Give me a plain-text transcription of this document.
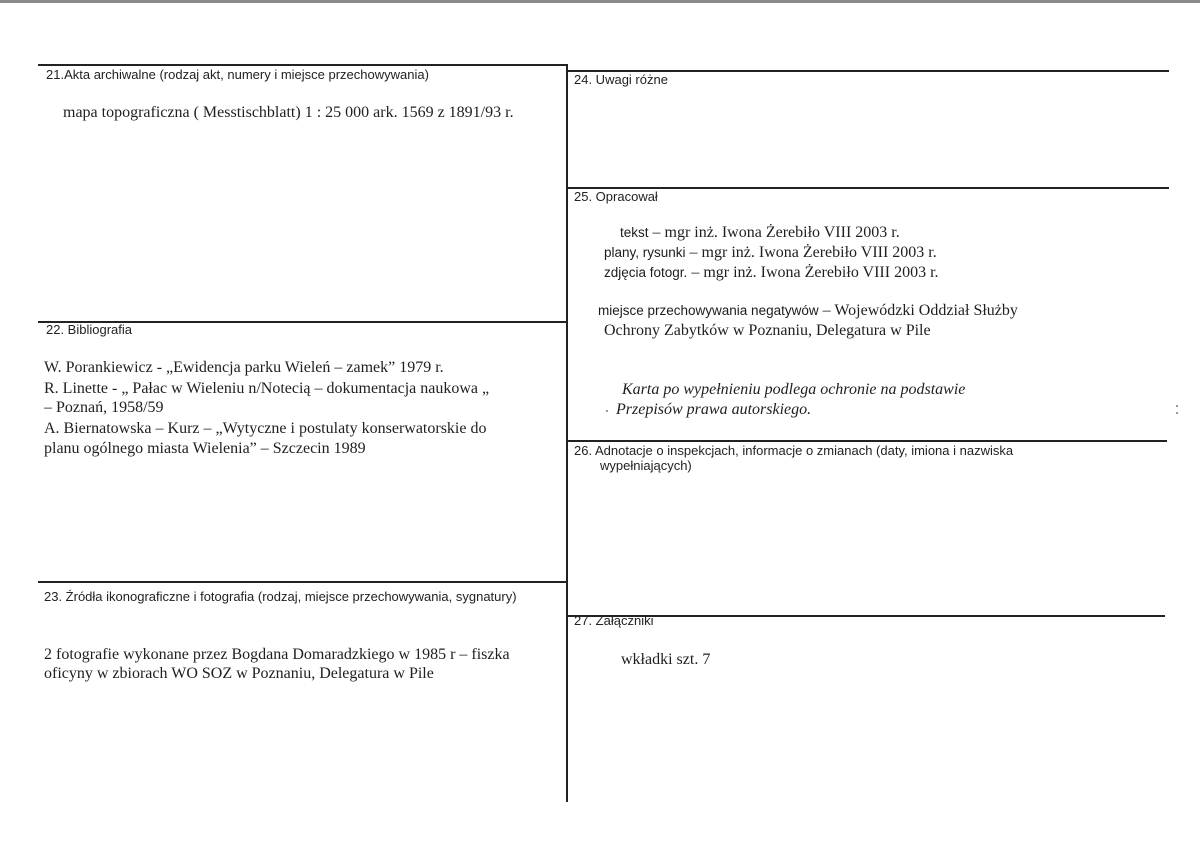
21.Akta archiwalne (rodzaj akt, numery i miejsce przechowywania)
mapa topograficzna ( Messtischblatt) 1 : 25 000 ark. 1569 z 1891/93 r.
22. Bibliografia
W. Porankiewicz - „Ewidencja parku Wieleń – zamek” 1979 r.
R. Linette - „ Pałac w Wieleniu n/Notecią – dokumentacja naukowa „
– Poznań, 1958/59
A. Biernatowska – Kurz – „Wytyczne i postulaty konserwatorskie do
planu ogólnego miasta Wielenia” – Szczecin 1989
23. Źródła ikonograficzne i fotografia (rodzaj, miejsce przechowywania, sygnatury)
2 fotografie wykonane przez Bogdana Domaradzkiego w 1985 r – fiszka
oficyny w zbiorach WO SOZ w Poznaniu, Delegatura w Pile
24. Uwagi różne
25. Opracował
tekst – mgr inż. Iwona Żerebiło VIII 2003 r.
plany, rysunki – mgr inż. Iwona Żerebiło VIII 2003 r.
zdjęcia fotogr. – mgr inż. Iwona Żerebiło VIII 2003 r.
miejsce przechowywania negatywów – Wojewódzki Oddział Służby
Ochrony Zabytków w Poznaniu, Delegatura w Pile
Karta po wypełnieniu podlega ochronie na podstawie
Przepisów prawa autorskiego.
26. Adnotacje o inspekcjach, informacje o zmianach (daty, imiona i nazwiska
wypełniających)
27. Załączniki
wkładki szt. 7
